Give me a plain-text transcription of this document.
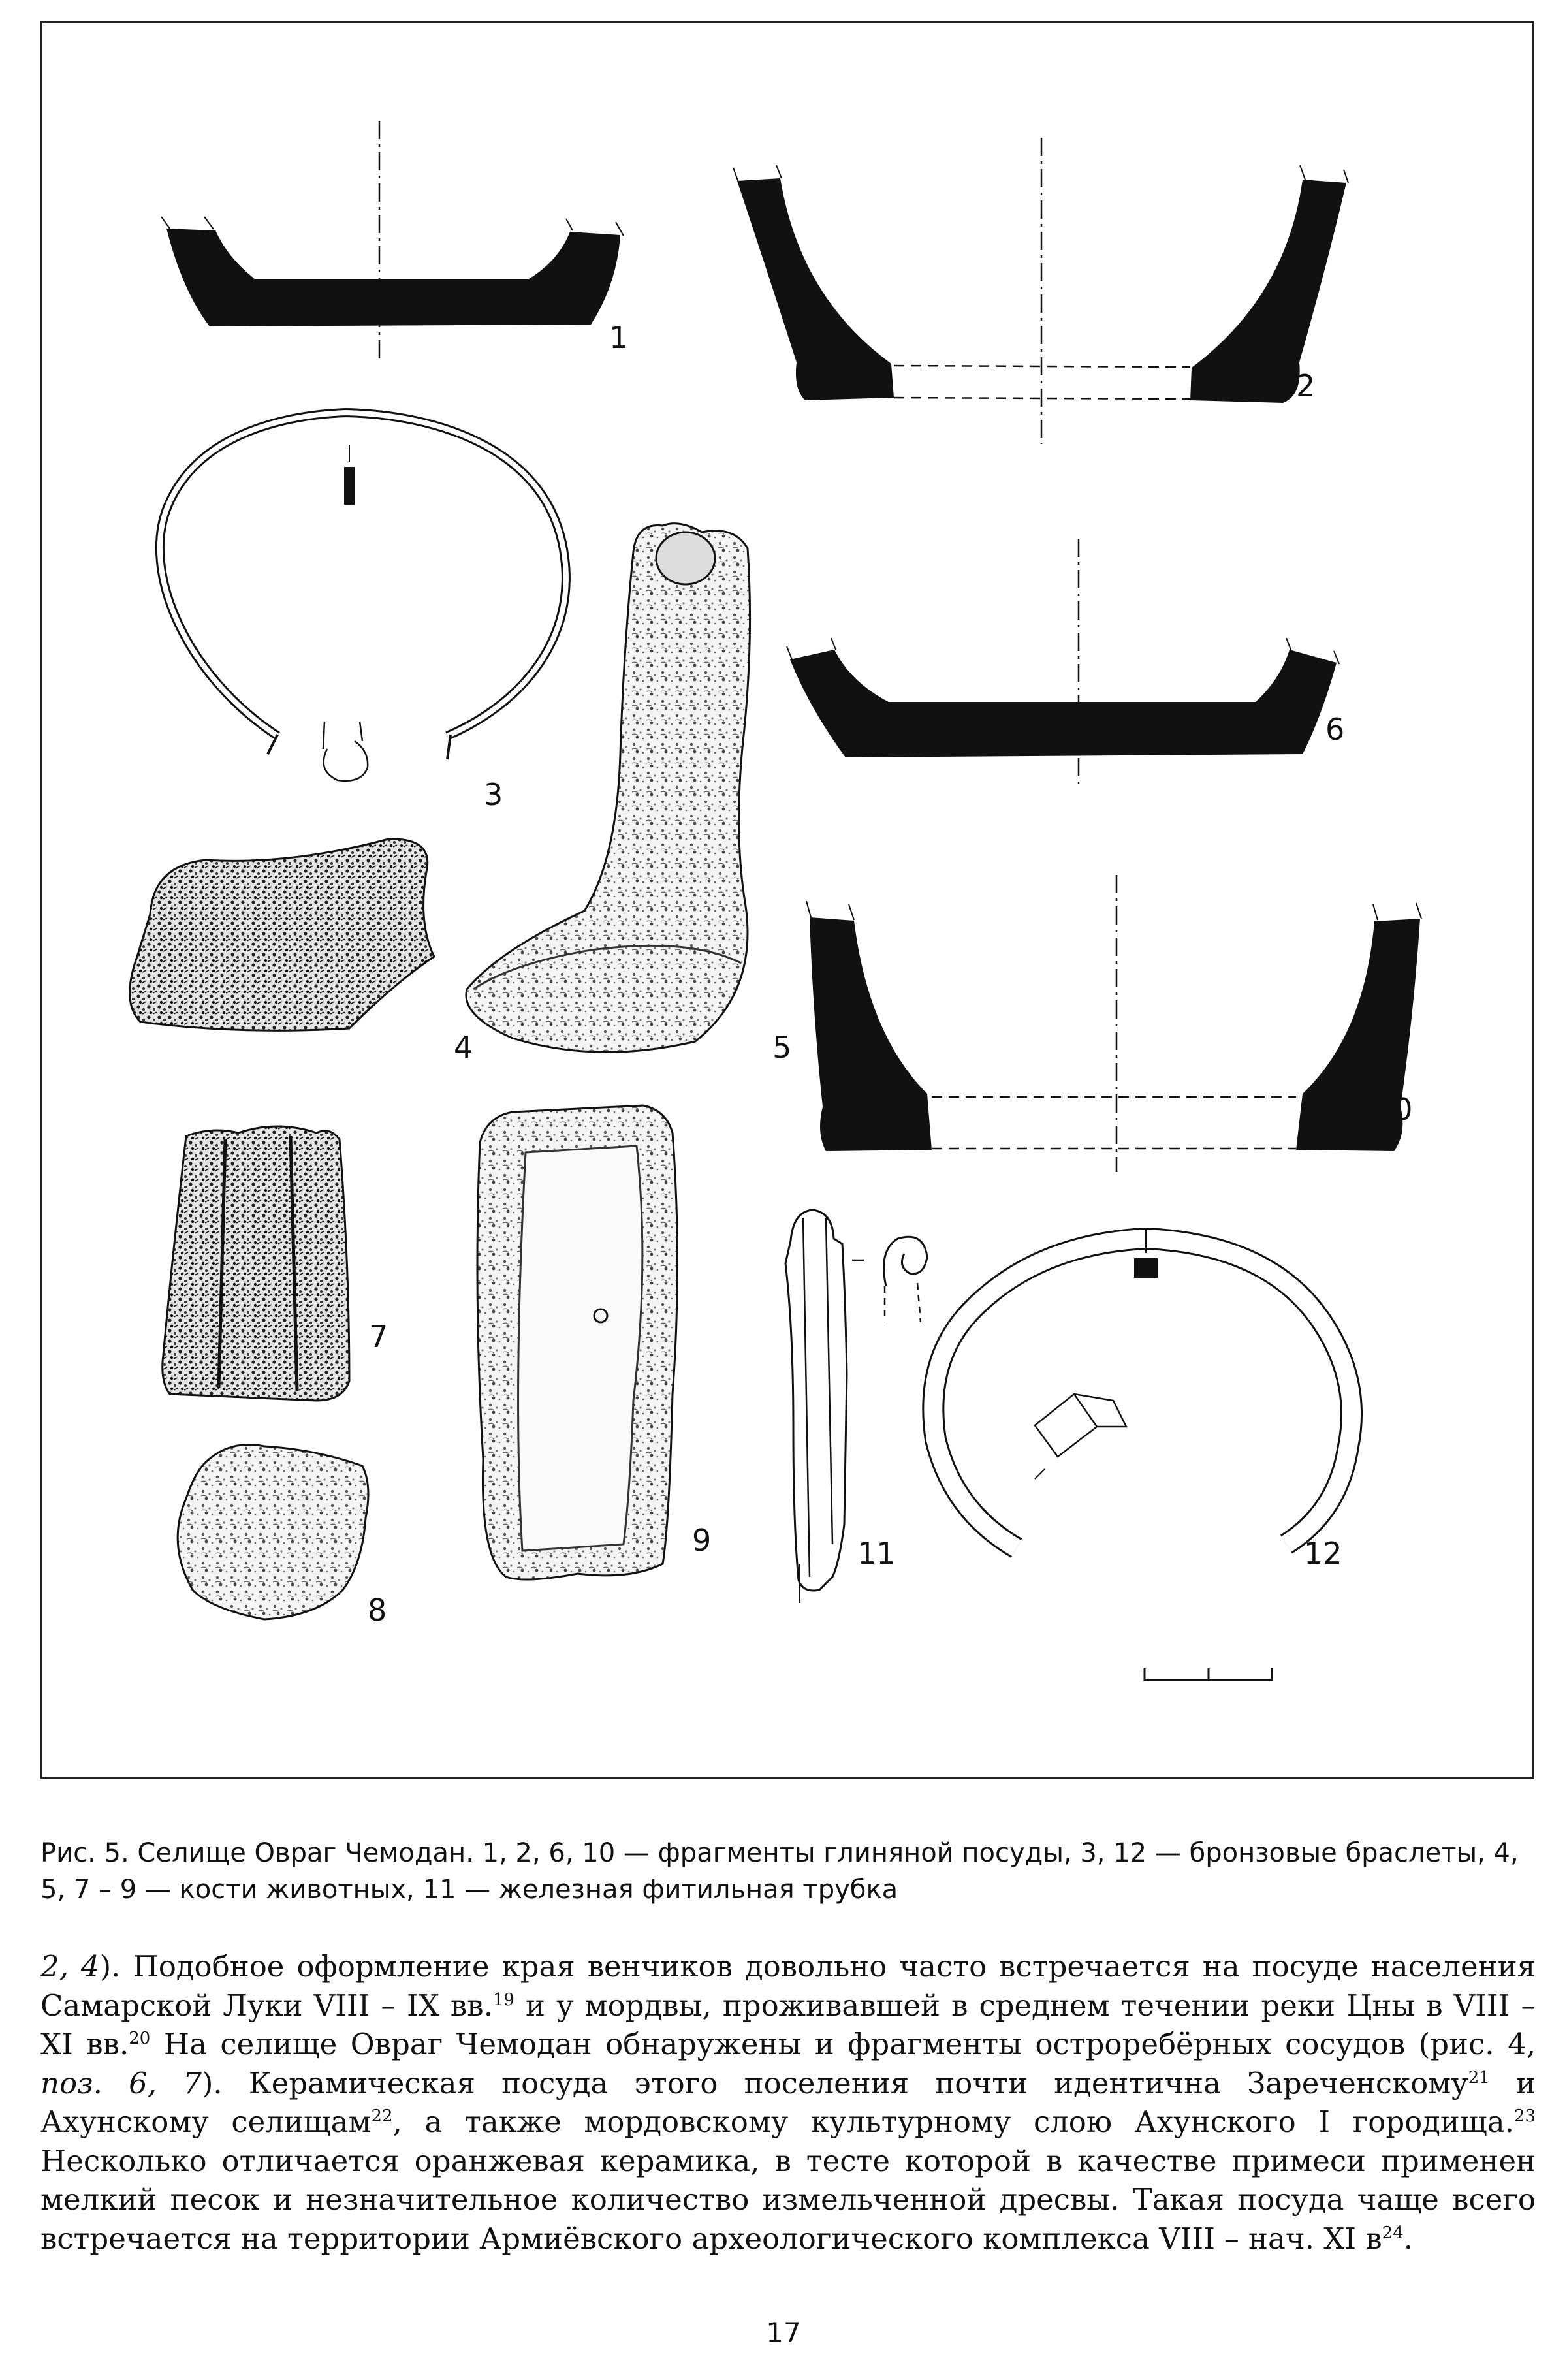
1
2
3
4	5
6
10
7
8
9	11	12
Рис. 5. Селище Овраг Чемодан. 1, 2, 6, 10 — фрагменты глиняной посуды, 3, 12 — бронзовые браслеты, 4, 5, 7 – 9 — кости животных, 11 — железная фитильная трубка
2, 4). Подобное оформление края венчиков довольно часто встречается на посуде населения Самарской Луки VIII – IX вв.$^{19}$ и у мордвы, проживавшей в среднем течении реки Цны в VIII – XI вв.$^{20}$ На селище Овраг Чемодан обнаружены и фрагменты остроребёрных сосудов (рис. 4, поз. 6, 7). Керамическая посуда этого поселения почти идентична Зареченскому$^{21}$ и Ахунскому селищам$^{22}$, а также мордовскому культурному слою Ахунского I городища.$^{23}$ Несколько отличается оранжевая керамика, в тесте которой в качестве примеси применен мелкий песок и незначительное количество измельченной дресвы. Такая посуда чаще всего встречается на территории Армиёвского археологического комплекса VIII – нач. XI $в^{24}$.
17
